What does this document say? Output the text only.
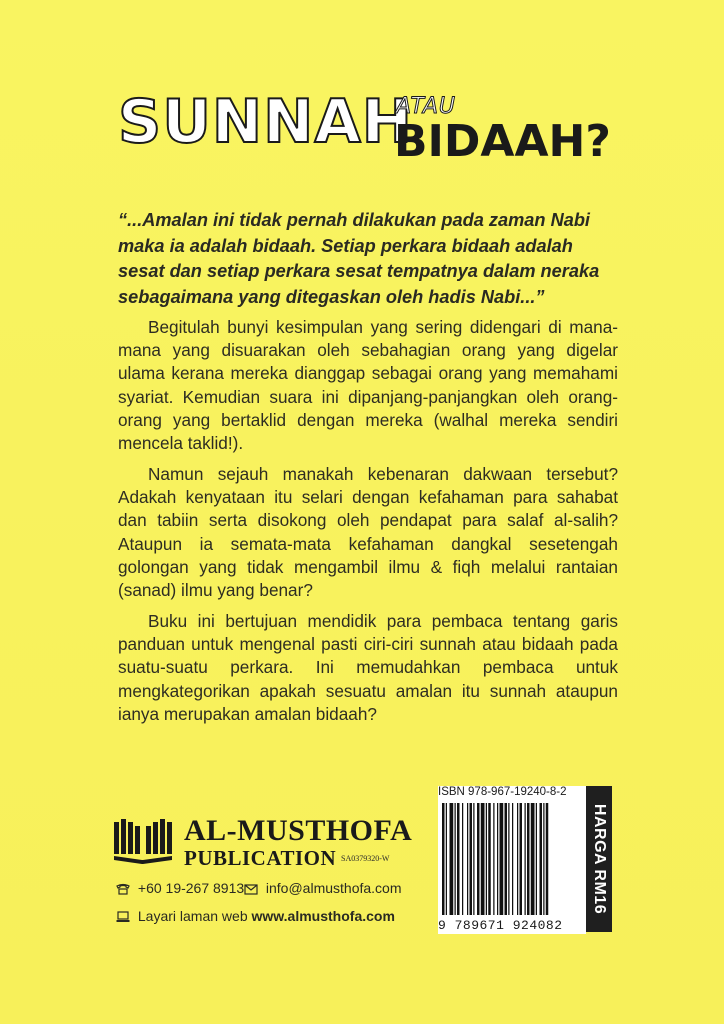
SUNNAH
ATAU
BIDAAH?
“...Amalan ini tidak pernah dilakukan pada zaman Nabi maka ia adalah bidaah. Setiap perkara bidaah adalah sesat dan setiap perkara sesat tempatnya dalam neraka sebagaimana yang ditegaskan oleh hadis Nabi...”
Begitulah bunyi kesimpulan yang sering didengari di mana-mana yang disuarakan oleh sebahagian orang yang digelar ulama kerana mereka dianggap sebagai orang yang memahami syariat. Kemudian suara ini dipanjang-panjangkan oleh orang-orang yang bertaklid dengan mereka (walhal mereka sendiri mencela taklid!).
Namun sejauh manakah kebenaran dakwaan tersebut? Adakah kenyataan itu selari dengan kefahaman para sahabat dan tabiin serta disokong oleh pendapat para salaf al-salih? Ataupun ia semata-mata kefahaman dangkal sesetengah golongan yang tidak mengambil ilmu & fiqh melalui rantaian (sanad) ilmu yang benar?
Buku ini bertujuan mendidik para pembaca tentang garis panduan untuk mengenal pasti ciri-ciri sunnah atau bidaah pada suatu-suatu perkara. Ini memudahkan pembaca untuk mengkategorikan apakah sesuatu amalan itu sunnah ataupun ianya merupakan amalan bidaah?
AL-MUSTHOFA
PUBLICATION SA0379320-W
+60 19-267 8913	info@almusthofa.com
Layari laman web www.almusthofa.com
ISBN 978-967-19240-8-2
9 789671 924082
HARGA RM16
